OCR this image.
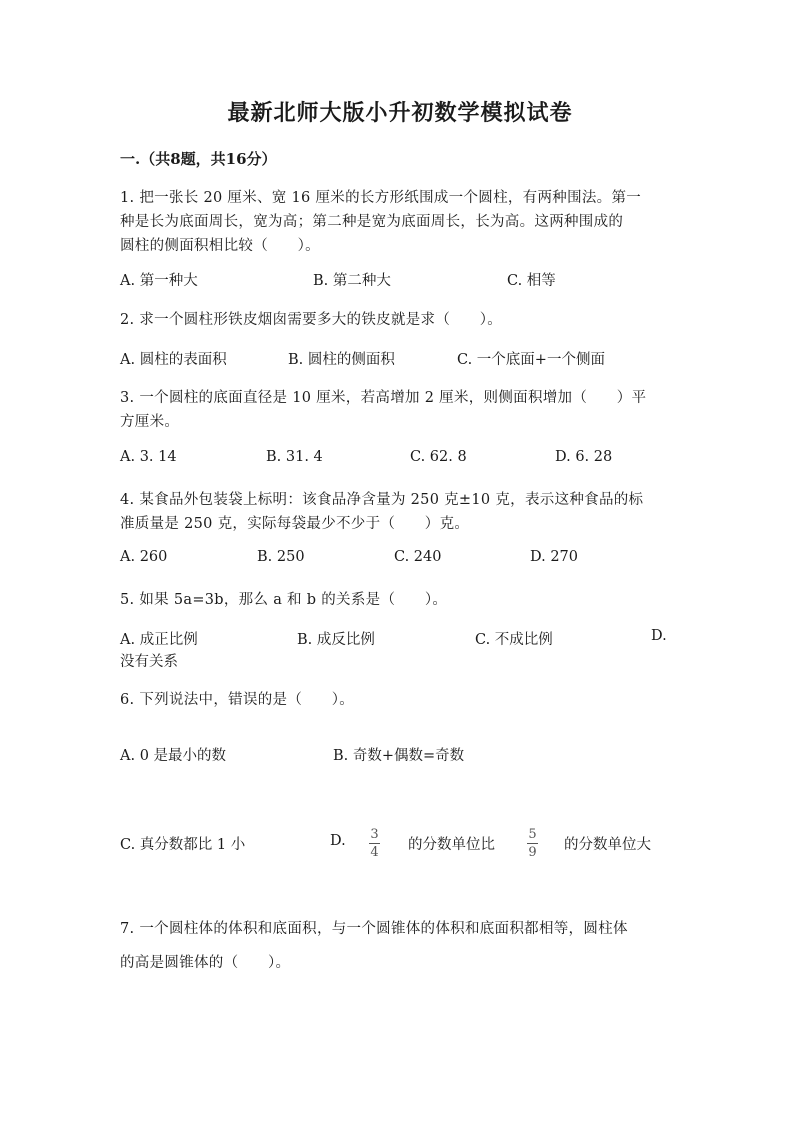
最新北师大版小升初数学模拟试卷
一.（共8题，共16分）
1. 把一张长 20 厘米、宽 16 厘米的长方形纸围成一个圆柱，有两种围法。第一
种是长为底面周长，宽为高；第二种是宽为底面周长，长为高。这两种围成的
圆柱的侧面积相比较（　　）。
A. 第一种大	B. 第二种大	C. 相等
2. 求一个圆柱形铁皮烟囱需要多大的铁皮就是求（　　）。
A. 圆柱的表面积	B. 圆柱的侧面积	C. 一个底面+一个侧面
3. 一个圆柱的底面直径是 10 厘米，若高增加 2 厘米，则侧面积增加（　　）平
方厘米。
A. 3. 14	B. 31. 4	C. 62. 8	D. 6. 28
4. 某食品外包装袋上标明：该食品净含量为 250 克±10 克，表示这种食品的标
准质量是 250 克，实际每袋最少不少于（　　）克。
A. 260	B. 250	C. 240	D. 270
5. 如果 5a=3b，那么 a 和 b 的关系是（　　）。
A. 成正比例	B. 成反比例	C. 不成比例	D.
没有关系
6. 下列说法中，错误的是（　　）。
A. 0 是最小的数	B. 奇数+偶数=奇数
C. 真分数都比 1 小	D. 3
4 的分数单位比
5
9 的分数单位大
7. 一个圆柱体的体积和底面积，与一个圆锥体的体积和底面积都相等，圆柱体
的高是圆锥体的（　　）。
